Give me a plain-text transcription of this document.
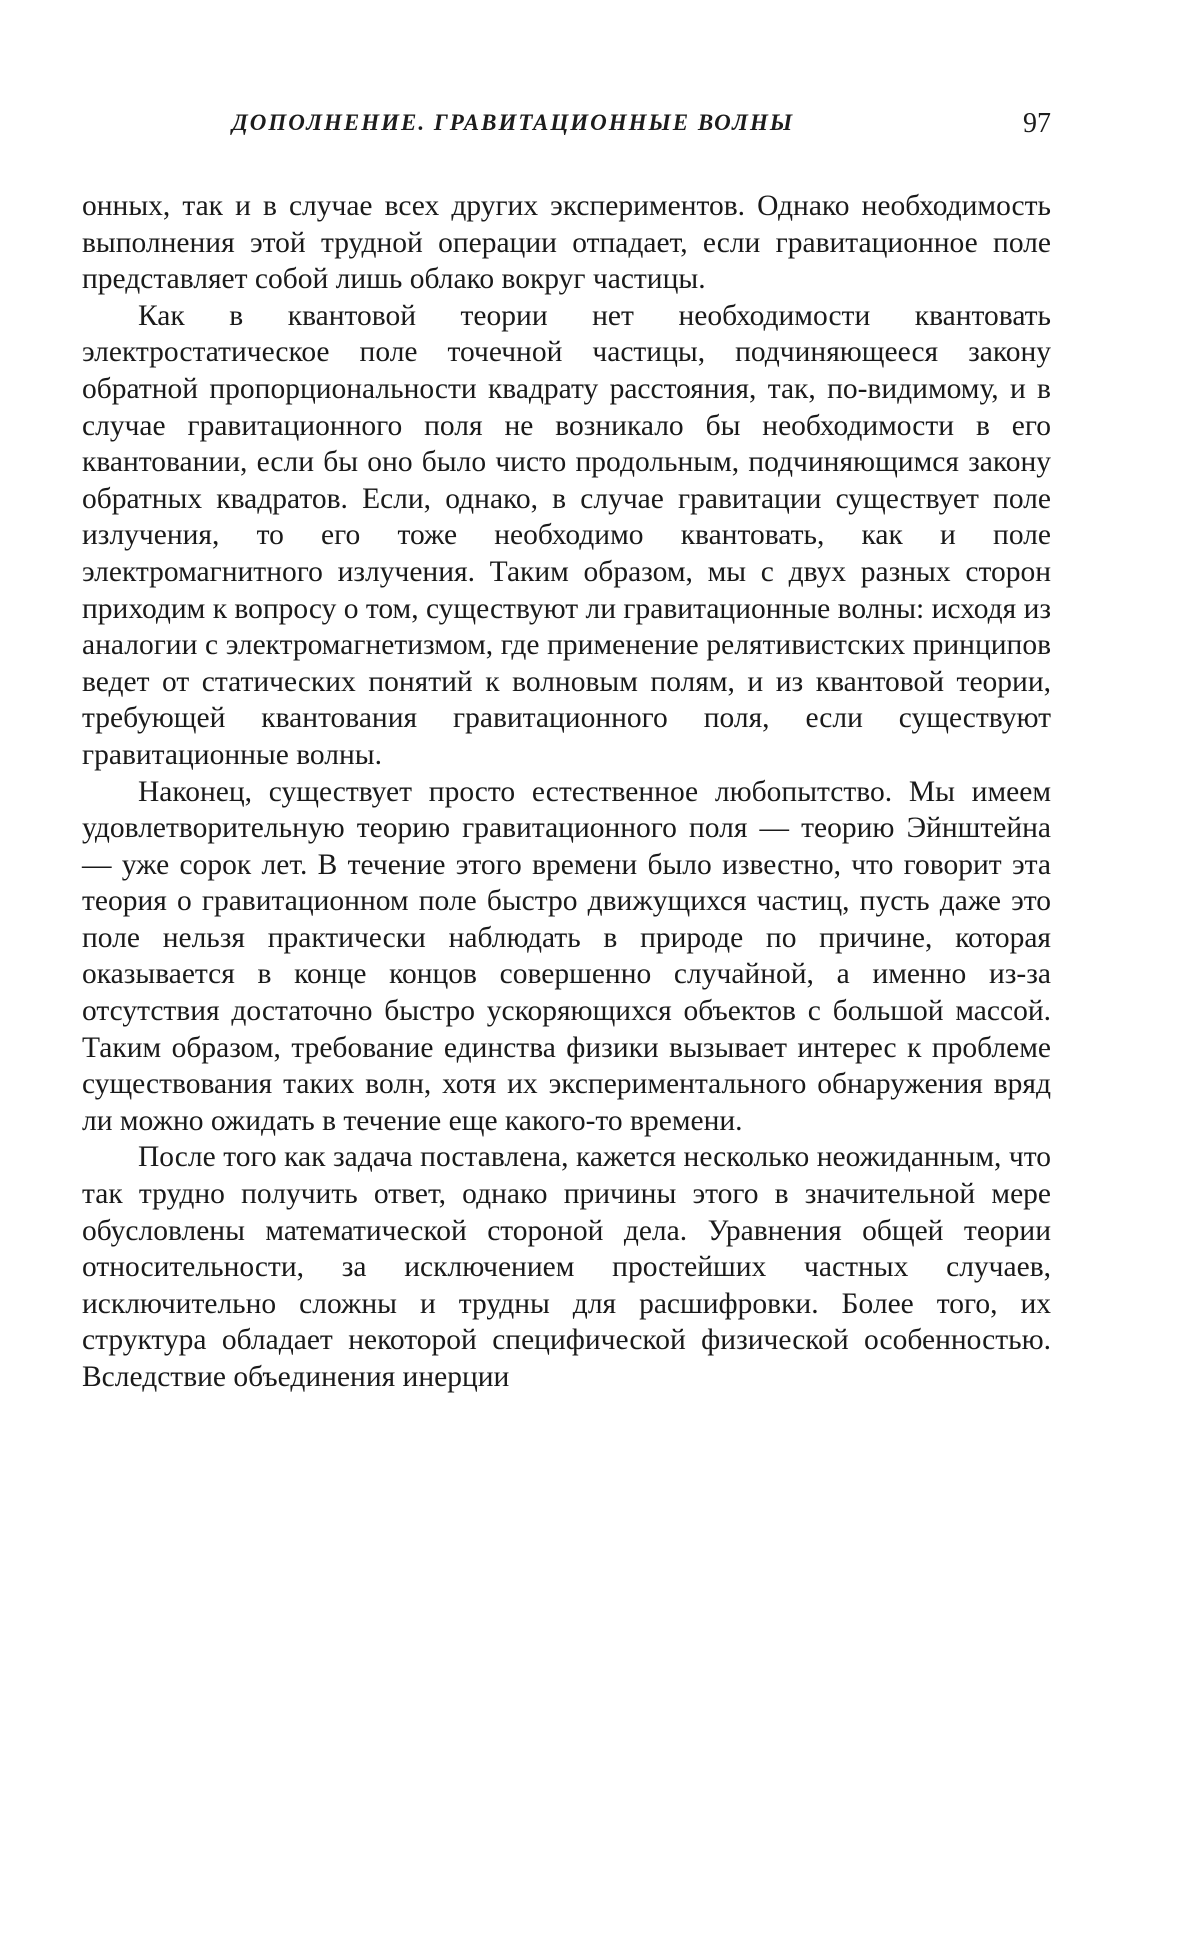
ДОПОЛНЕНИЕ. ГРАВИТАЦИОННЫЕ ВОЛНЫ	97

онных, так и в случае всех других экспериментов. Однако необходимость выполнения этой трудной операции отпадает, если гравитационное поле представляет собой лишь облако вокруг частицы.

Как в квантовой теории нет необходимости квантовать электростатическое поле точечной частицы, подчиняющееся закону обратной пропорциональности квадрату расстояния, так, по-видимому, и в случае гравитационного поля не возникало бы необходимости в его квантовании, если бы оно было чисто продольным, подчиняющимся закону обратных квадратов. Если, однако, в случае гравитации существует поле излучения, то его тоже необходимо квантовать, как и поле электромагнитного излучения. Таким образом, мы с двух разных сторон приходим к вопросу о том, существуют ли гравитационные волны: исходя из аналогии с электромагнетизмом, где применение релятивистских принципов ведет от статических понятий к волновым полям, и из квантовой теории, требующей квантования гравитационного поля, если существуют гравитационные волны.

Наконец, существует просто естественное любопытство. Мы имеем удовлетворительную теорию гравитационного поля — теорию Эйнштейна — уже сорок лет. В течение этого времени было известно, что говорит эта теория о гравитационном поле быстро движущихся частиц, пусть даже это поле нельзя практически наблюдать в природе по причине, которая оказывается в конце концов совершенно случайной, а именно из-за отсутствия достаточно быстро ускоряющихся объектов с большой массой. Таким образом, требование единства физики вызывает интерес к проблеме существования таких волн, хотя их экспериментального обнаружения вряд ли можно ожидать в течение еще какого-то времени.

После того как задача поставлена, кажется несколько неожиданным, что так трудно получить ответ, однако причины этого в значительной мере обусловлены математической стороной дела. Уравнения общей теории относительности, за исключением простейших частных случаев, исключительно сложны и трудны для расшифровки. Более того, их структура обладает некоторой специфической физической особенностью. Вследствие объединения инерции
